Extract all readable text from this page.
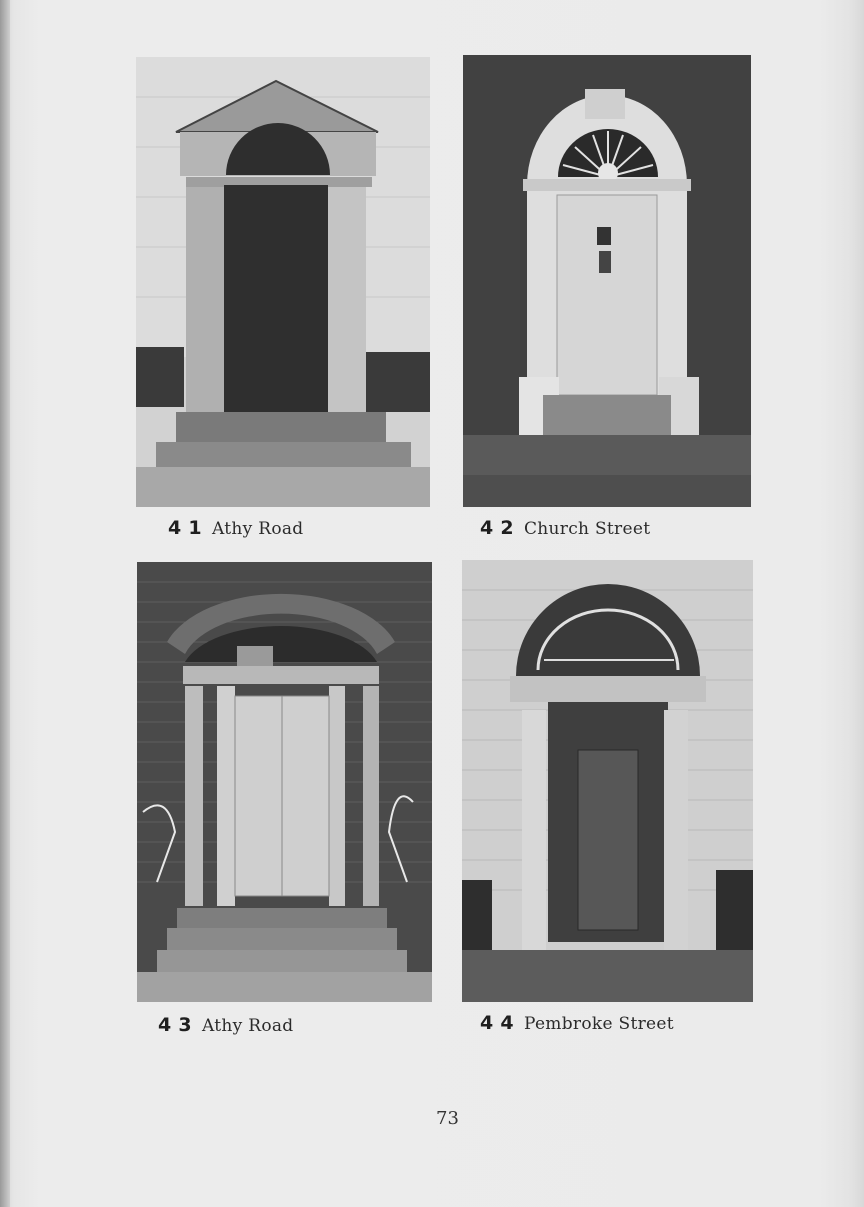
4 1 Athy Road	4 2 Church Street
4 3 Athy Road	4 4 Pembroke Street
73
